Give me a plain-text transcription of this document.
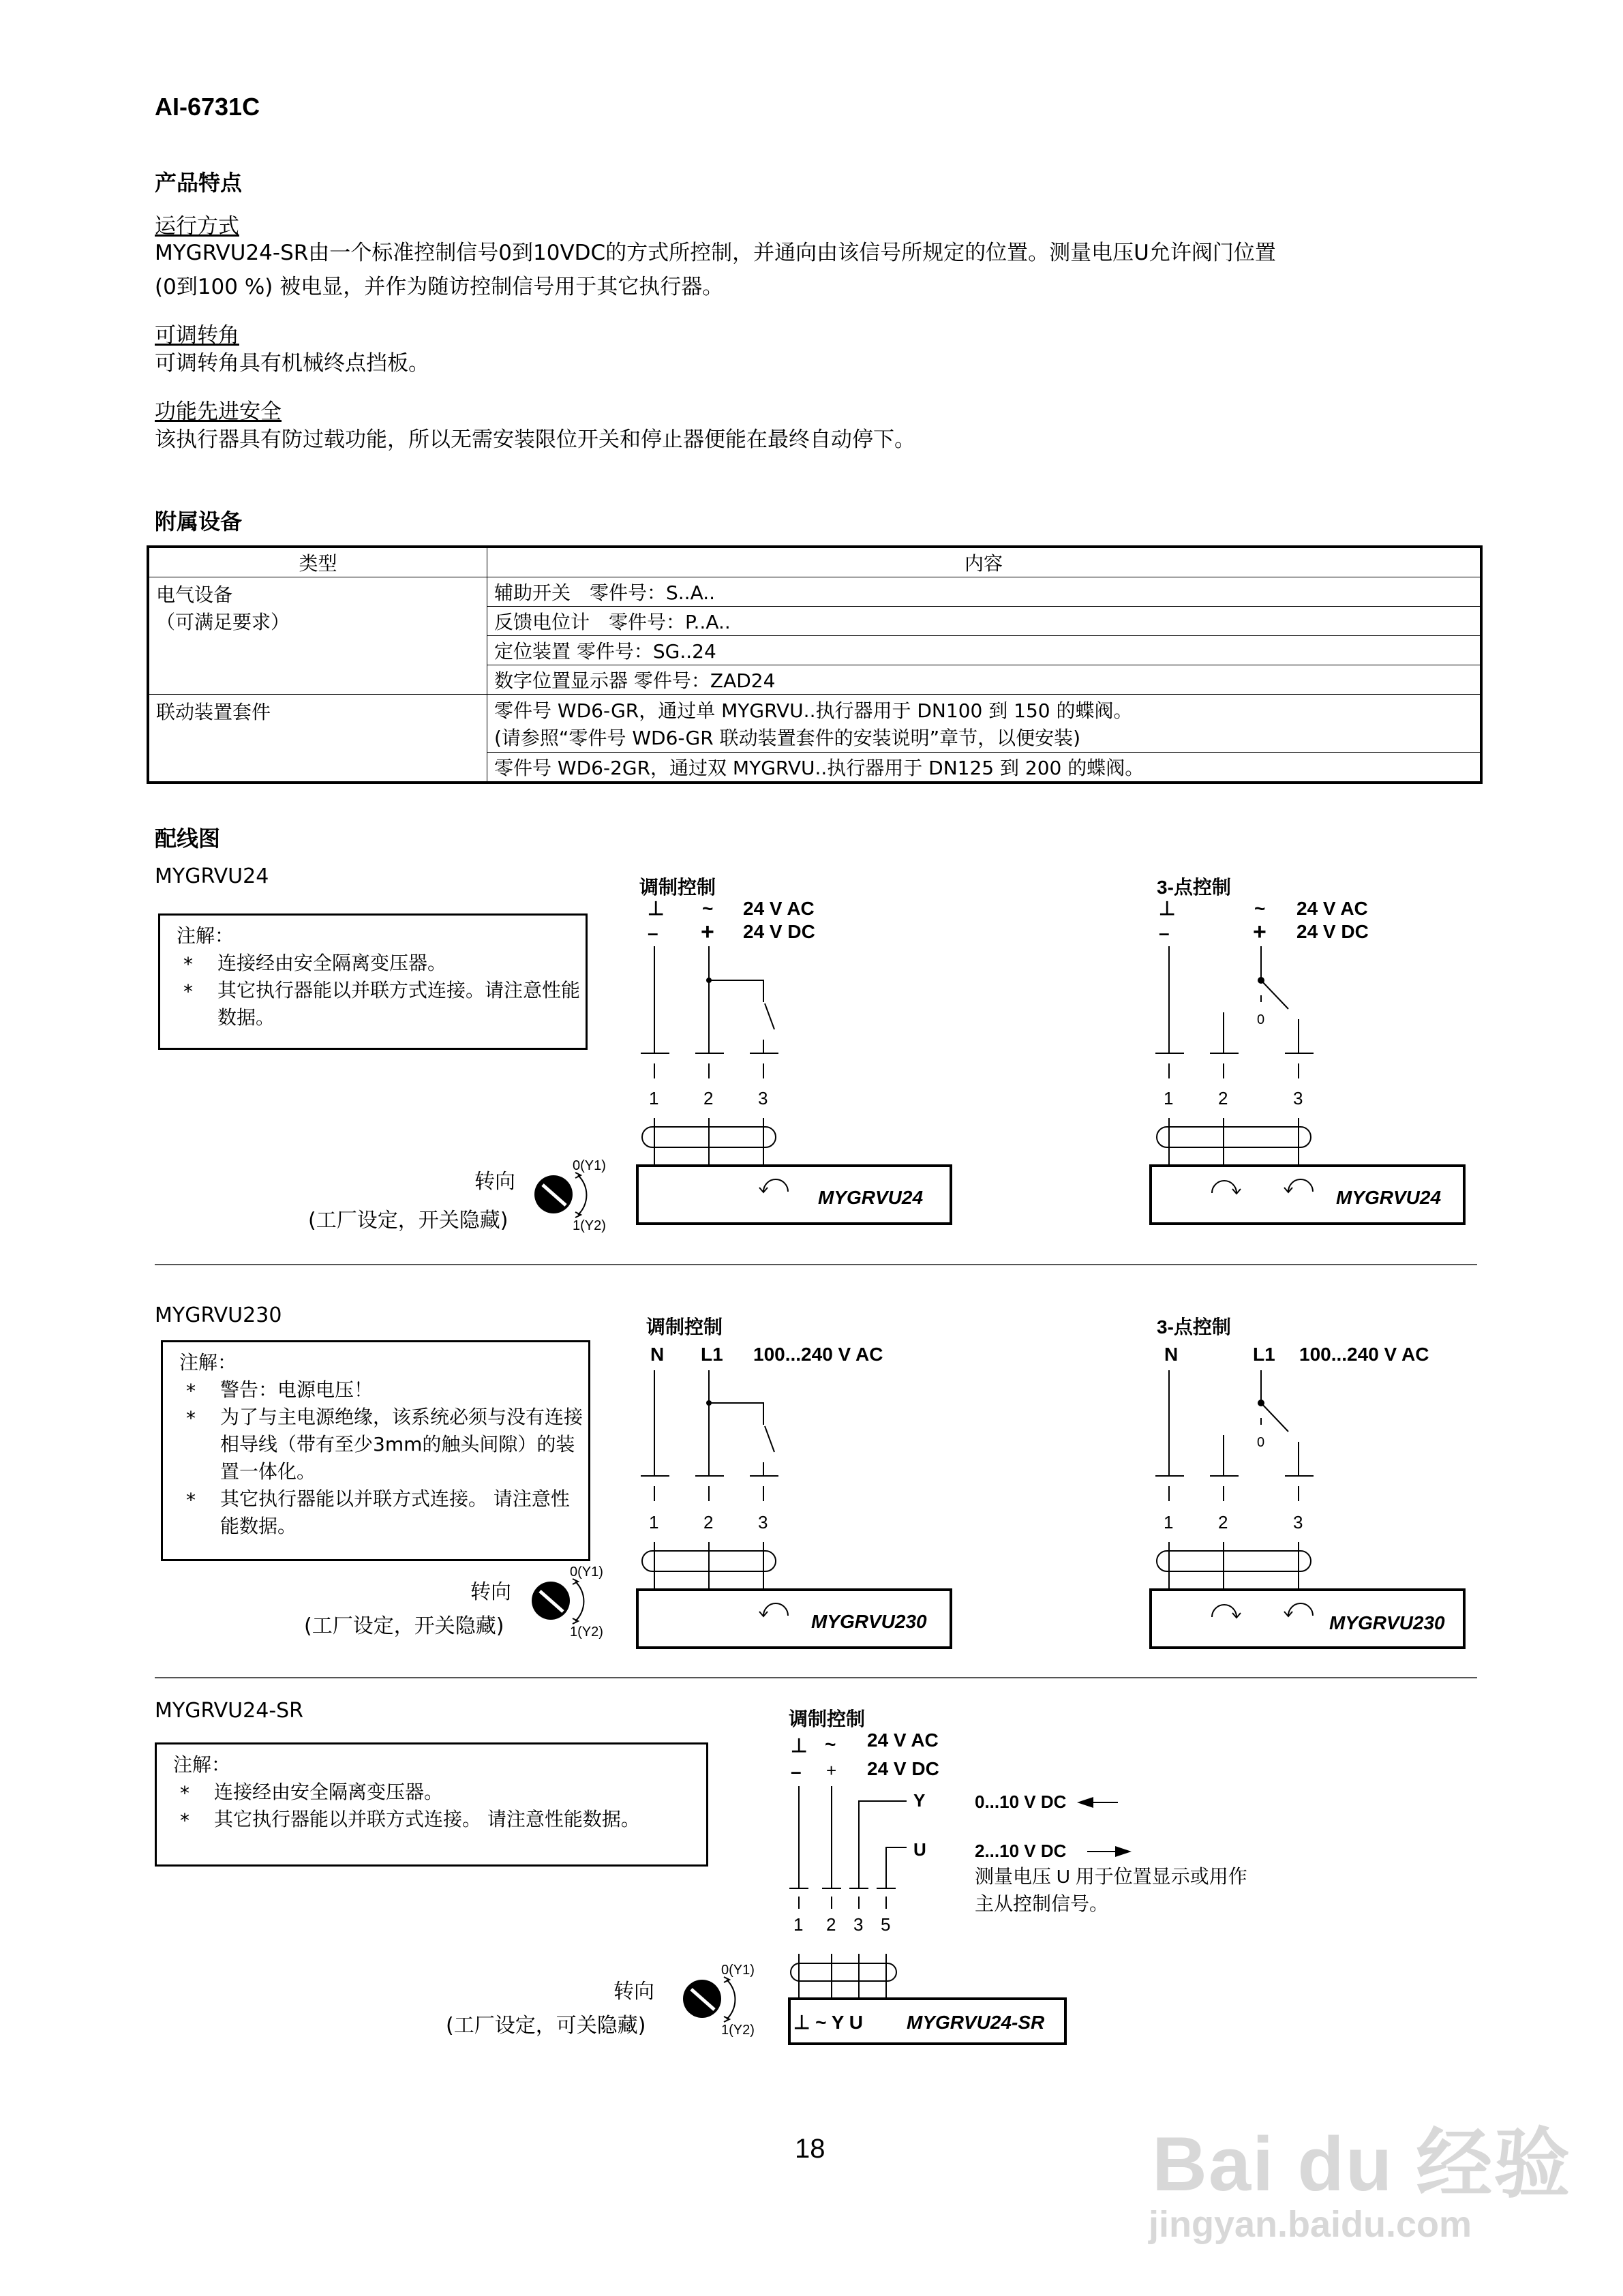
AI-6731C
产品特点
运行方式
MYGRVU24-SR由一个标准控制信号0到10VDC的方式所控制，并通向由该信号所规定的位置。测量电压U允许阀门位置
(0到100 %) 被电显，并作为随访控制信号用于其它执行器。
可调转角
可调转角具有机械终点挡板。
功能先进安全
该执行器具有防过载功能，所以无需安装限位开关和停止器便能在最终自动停下。
附属设备
类型	内容

电气设备
（可满足要求）	辅助开关　零件号：S..A..
	反馈电位计　零件号：P..A..
	定位装置 零件号：SG..24
	数字位置显示器 零件号：ZAD24
联动装置套件	零件号 WD6-GR，通过单 MYGRVU..执行器用于 DN100 到 150 的蝶阀。
(请参照“零件号 WD6-GR 联动装置套件的安装说明”章节，以便安装)

	零件号 WD6-2GR，通过双 MYGRVU..执行器用于 DN125 到 200 的蝶阀。
配线图
MYGRVU24
注解：
* 连接经由安全隔离变压器。
* 其它执行器能以并联方式连接。请注意性能数据。
转向
(工厂设定，开关隐藏)
0(Y1)
1(Y2)
调制控制
⊥
–
~
+
24 V AC
24 V DC
1	2	3
MYGRVU24
3-点控制
⊥
–
~
+
24 V AC
24 V DC
0
1	2	3
MYGRVU24
MYGRVU230
注解：
* 警告：电源电压！
* 为了与主电源绝缘，该系统必须与没有连接相导线（带有至少3mm的触头间隙）的装置一体化。
* 其它执行器能以并联方式连接。 请注意性能数据。
转向
(工厂设定，开关隐藏)
0(Y1)
1(Y2)
调制控制
N L1 100...240 V AC
1	2	3
MYGRVU230
3-点控制
N	L1 100...240 V AC
0
1	2	3
MYGRVU230
MYGRVU24-SR
注解：
* 连接经由安全隔离变压器。
* 其它执行器能以并联方式连接。 请注意性能数据。
转向
(工厂设定，可关隐藏)
0(Y1)
1(Y2)
调制控制
⊥
–
~ 24 V AC
24 V DC
Y	0...10 V DC
U	2...10 V DC
+
1 2 3 5
测量电压 U 用于位置显示或用作
主从控制信号。
⊥ ~ Y U MYGRVU24-SR
18	Bai du 经验
jingyan.baidu.com
